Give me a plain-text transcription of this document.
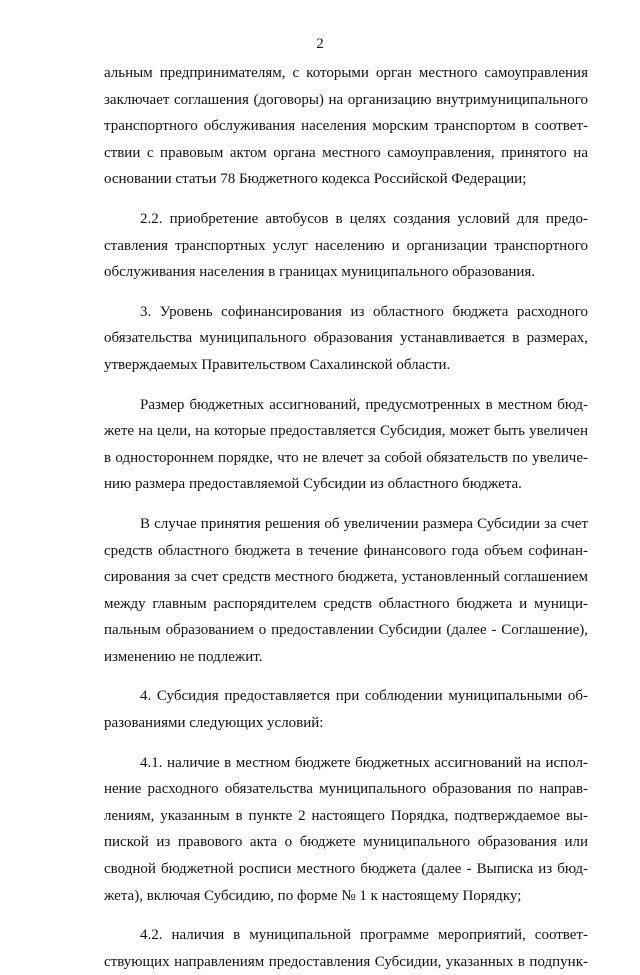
2
альным предпринимателям, с которыми орган местного самоуправления
заключает соглашения (договоры) на организацию внутримуниципального
транспортного обслуживания населения морским транспортом в соответ-
ствии с правовым актом органа местного самоуправления, принятого на
основании статьи 78 Бюджетного кодекса Российской Федерации;
2.2. приобретение автобусов в целях создания условий для предо-
ставления транспортных услуг населению и организации транспортного
обслуживания населения в границах муниципального образования.
3. Уровень софинансирования из областного бюджета расходного
обязательства муниципального образования устанавливается в размерах,
утверждаемых Правительством Сахалинской области.
Размер бюджетных ассигнований, предусмотренных в местном бюд-
жете на цели, на которые предоставляется Субсидия, может быть увеличен
в одностороннем порядке, что не влечет за собой обязательств по увеличе-
нию размера предоставляемой Субсидии из областного бюджета.
В случае принятия решения об увеличении размера Субсидии за счет
средств областного бюджета в течение финансового года объем софинан-
сирования за счет средств местного бюджета, установленный соглашением
между главным распорядителем средств областного бюджета и муници-
пальным образованием о предоставлении Субсидии (далее - Соглашение),
изменению не подлежит.
4. Субсидия предоставляется при соблюдении муниципальными об-
разованиями следующих условий:
4.1. наличие в местном бюджете бюджетных ассигнований на испол-
нение расходного обязательства муниципального образования по направ-
лениям, указанным в пункте 2 настоящего Порядка, подтверждаемое вы-
пиской из правового акта о бюджете муниципального образования или
сводной бюджетной росписи местного бюджета (далее - Выписка из бюд-
жета), включая Субсидию, по форме № 1 к настоящему Порядку;
4.2. наличия в муниципальной программе мероприятий, соответ-
ствующих направлениям предоставления Субсидии, указанных в подпунк-
